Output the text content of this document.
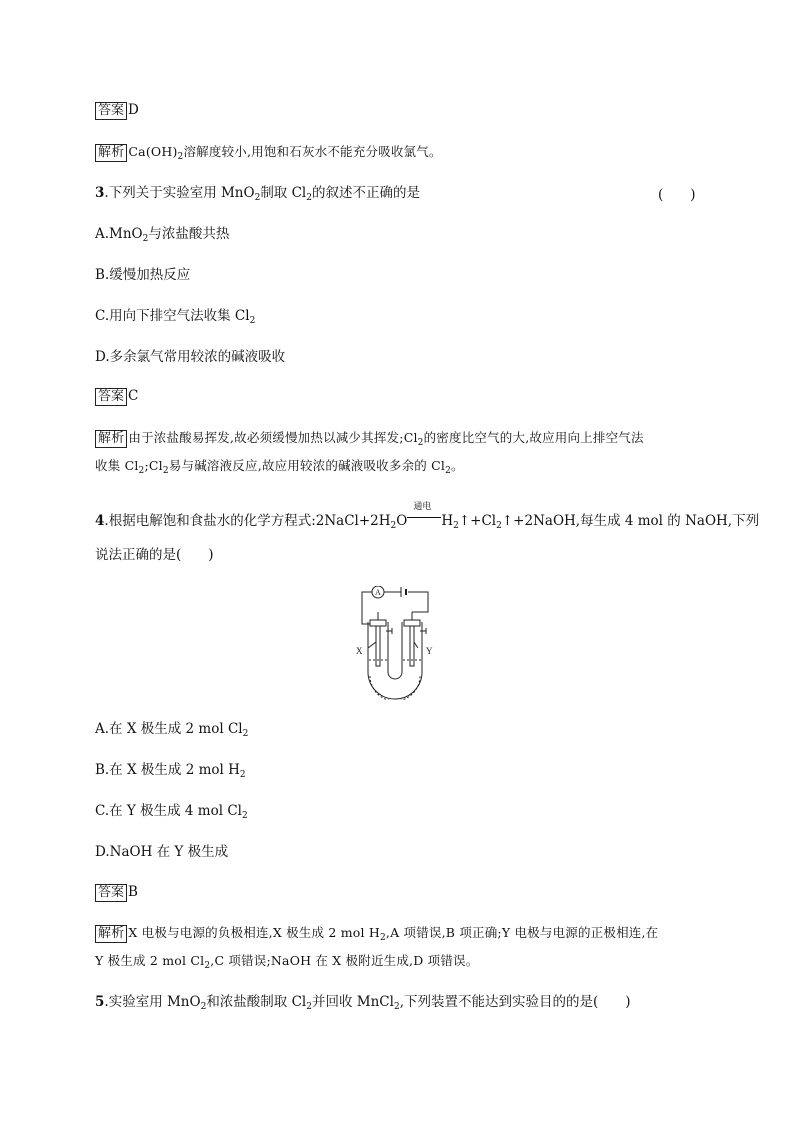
答案 D
解析 $Ca(OH)_2$溶解度较小,用饱和石灰水不能充分吸收氯气。
3.下列关于实验室用 MnO$_2$制取 $Cl_2$的叙述不正确的是	(　　)
A.MnO$_2$与浓盐酸共热
B.缓慢加热反应
C.用向下排空气法收集 $Cl_2$
D.多余氯气常用较浓的碱液吸收
答案 C
解析 由于浓盐酸易挥发,故必须缓慢加热以减少其挥发$;Cl_2$的密度比空气的大,故应用向上排空气法
收集 $Cl_2;Cl_2$易与碱溶液反应,故应用较浓的碱液吸收多余的 $Cl_2$。
4.根据电解饱和食盐水的化学方程式$:2NaCl+2H_2O$
通电
$H_2↑+Cl_2↑+2NaOH$,每生成 4 mol 的 NaOH,下列
说法正确的是(　　)
A
X	Y
A.在 X 极生成 2 mol $Cl_2$
B.在 X 极生成 2 mol $H_2$
C.在 Y 极生成 4 mol $Cl_2$
D.NaOH 在 Y 极生成
答案 B
解析 X 电极与电源的负极相连,X 极生成 2 mol $H_2,A$ 项错误,B 项正确;Y 电极与电源的正极相连,在
Y 极生成 2 mol $Cl_2,C$ 项错误;NaOH 在 X 极附近生成,D 项错误。
5.实验室用 MnO$_2$和浓盐酸制取 $Cl_2$并回收 MnCl$_2$,下列装置不能达到实验目的的是(　　)
